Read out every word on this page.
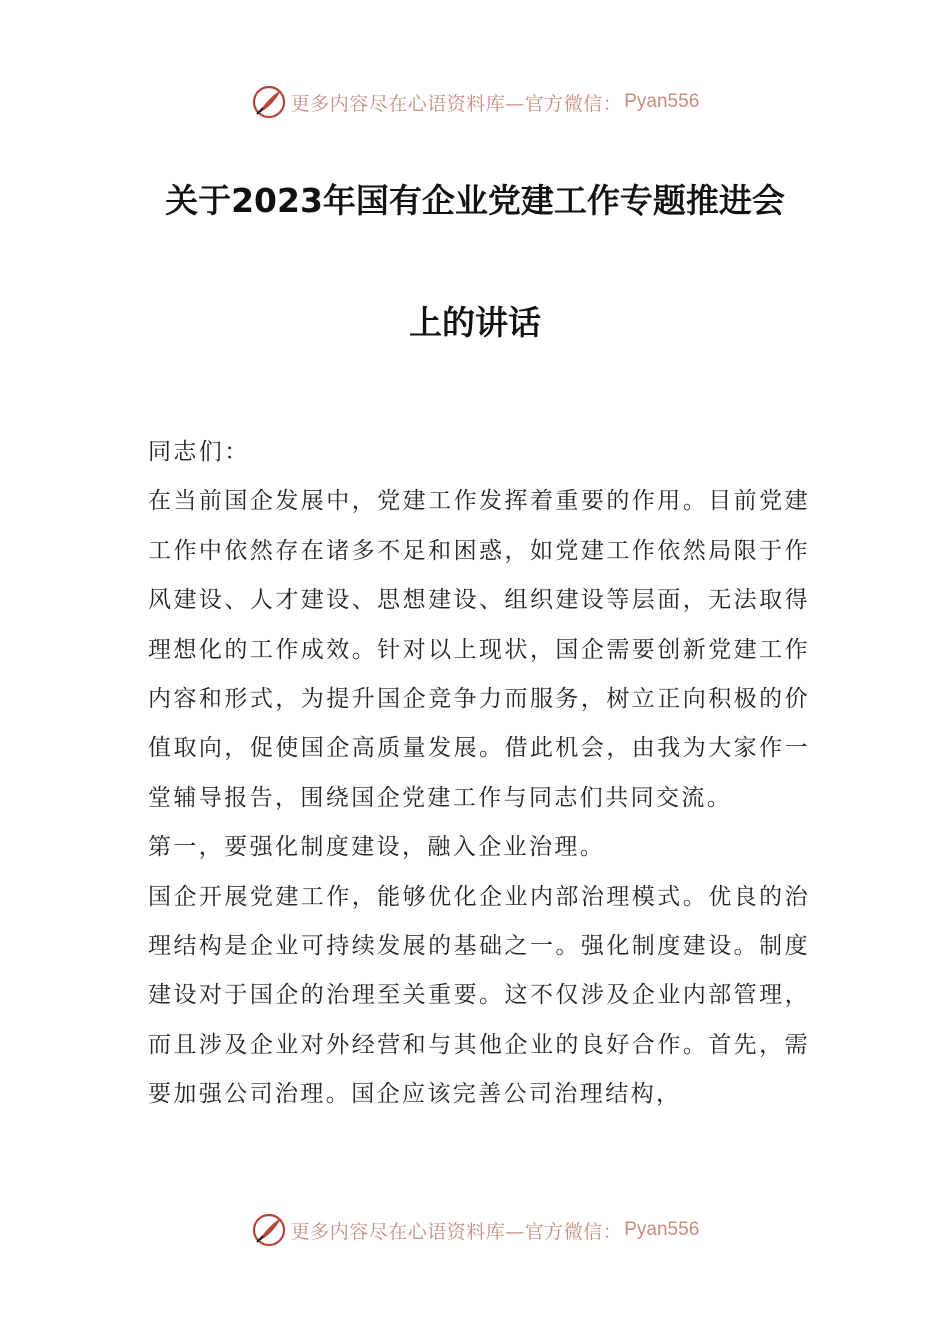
更多内容尽在心语资料库—官方微信： Pyan556
关于2023年国有企业党建工作专题推进会
上的讲话

同志们：

在当前国企发展中，党建工作发挥着重要的作用。目前党建工作中依然存在诸多不足和困惑，如党建工作依然局限于作风建设、人才建设、思想建设、组织建设等层面，无法取得理想化的工作成效。针对以上现状，国企需要创新党建工作内容和形式，为提升国企竞争力而服务，树立正向积极的价值取向，促使国企高质量发展。借此机会，由我为大家作一堂辅导报告，围绕国企党建工作与同志们共同交流。

第一，要强化制度建设，融入企业治理。

国企开展党建工作，能够优化企业内部治理模式。优良的治理结构是企业可持续发展的基础之一。强化制度建设。制度建设对于国企的治理至关重要。这不仅涉及企业内部管理，而且涉及企业对外经营和与其他企业的良好合作。首先，需要加强公司治理。国企应该完善公司治理结构，

更多内容尽在心语资料库—官方微信： Pyan556
